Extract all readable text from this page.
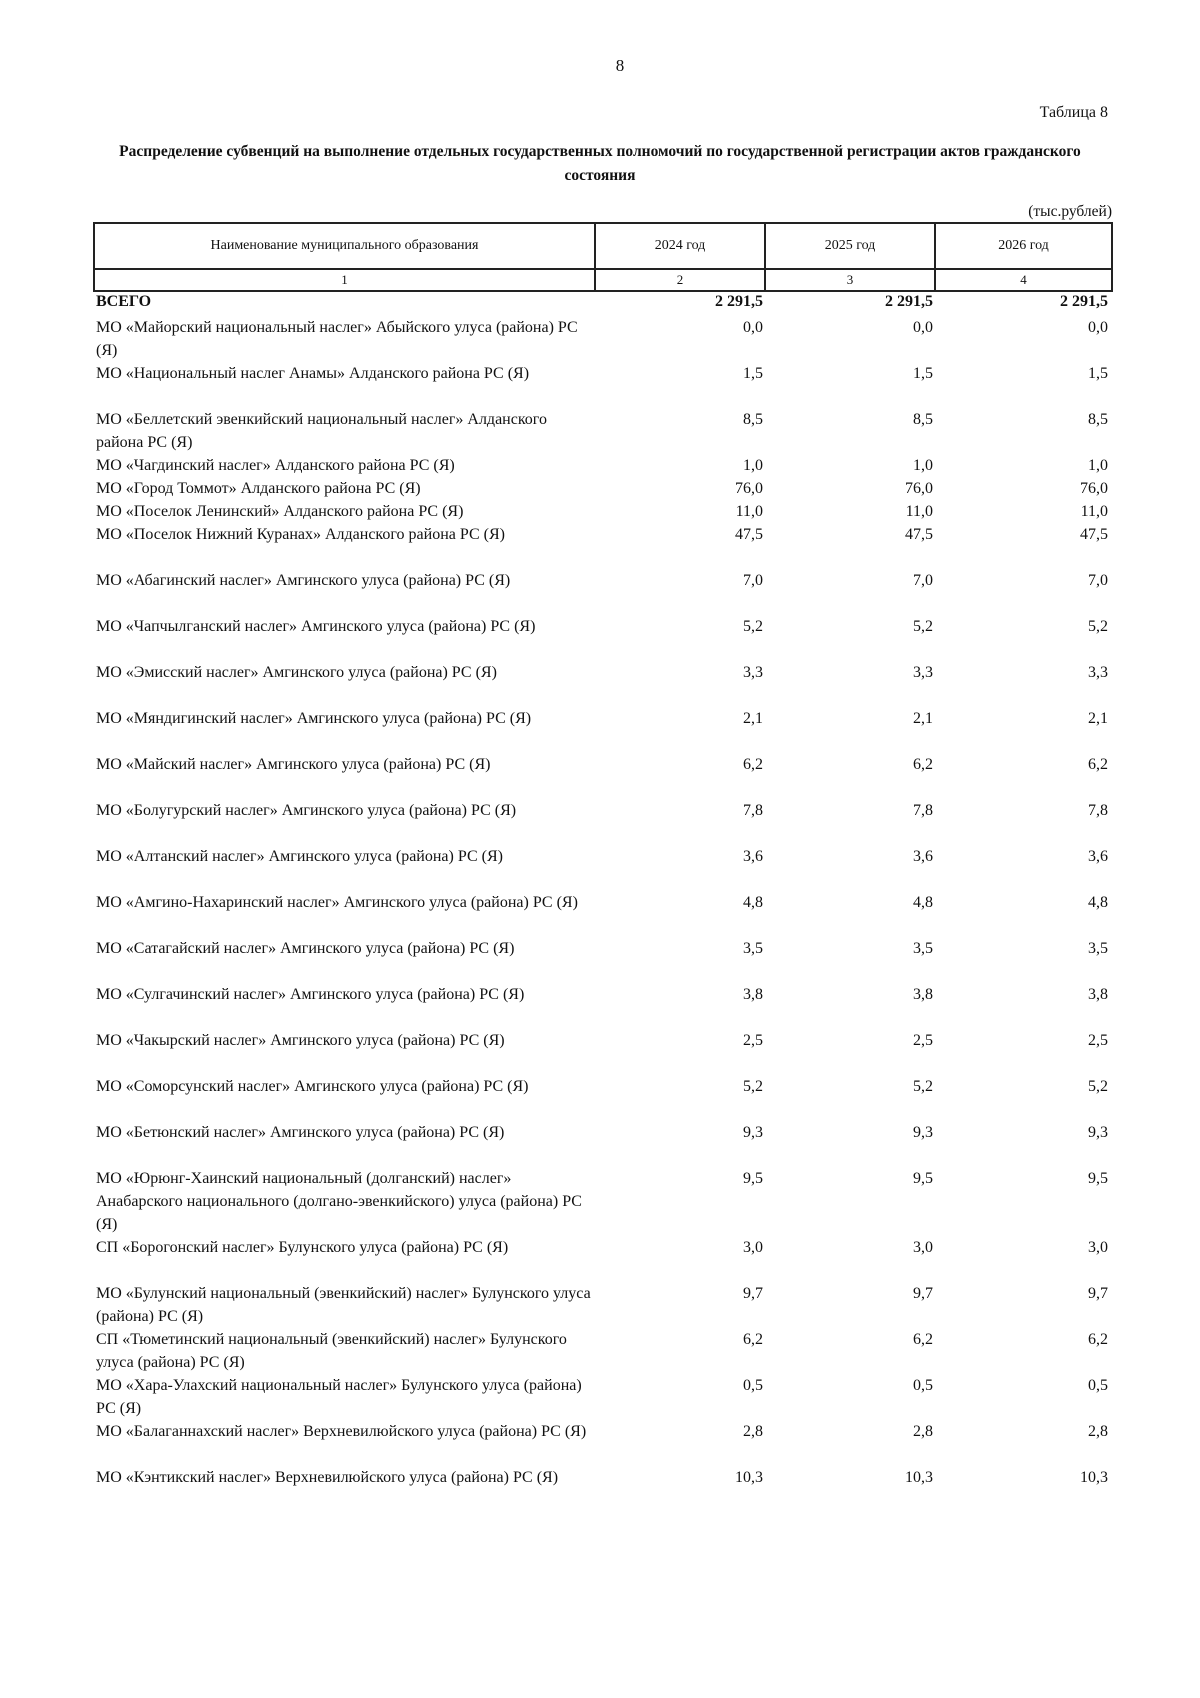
8
Таблица 8
Распределение субвенций на выполнение отдельных государственных полномочий по государственной регистрации актов гражданского состояния
(тыс.рублей)
Наименование муниципального образования	2024 год	2025 год	2026 год
1	2	3	4
ВСЕГО	2 291,5	2 291,5	2 291,5
МО «Майорский национальный наслег» Абыйского улуса (района) РС (Я)	0,0	0,0	0,0
МО «Национальный наслег Анамы» Алданского района РС (Я)	1,5	1,5	1,5
МО «Беллетский эвенкийский национальный наслег» Алданского района РС (Я)	8,5	8,5	8,5
МО «Чагдинский наслег» Алданского района РС (Я)	1,0	1,0	1,0
МО «Город Томмот» Алданского района РС (Я)	76,0	76,0	76,0
МО «Поселок Ленинский» Алданского района РС (Я)	11,0	11,0	11,0
МО «Поселок Нижний Куранах» Алданского района РС (Я)	47,5	47,5	47,5
МО «Абагинский наслег» Амгинского улуса (района) РС (Я)	7,0	7,0	7,0
МО «Чапчылганский наслег» Амгинского улуса (района) РС (Я)	5,2	5,2	5,2
МО «Эмисский наслег» Амгинского улуса (района) РС (Я)	3,3	3,3	3,3
МО «Мяндигинский наслег» Амгинского улуса (района) РС (Я)	2,1	2,1	2,1
МО «Майский наслег» Амгинского улуса (района) РС (Я)	6,2	6,2	6,2
МО «Болугурский наслег» Амгинского улуса (района) РС (Я)	7,8	7,8	7,8
МО «Алтанский наслег» Амгинского улуса (района) РС (Я)	3,6	3,6	3,6
МО «Амгино-Нахаринский наслег» Амгинского улуса (района) РС (Я)	4,8	4,8	4,8
МО «Сатагайский наслег» Амгинского улуса (района) РС (Я)	3,5	3,5	3,5
МО «Сулгачинский наслег» Амгинского улуса (района) РС (Я)	3,8	3,8	3,8
МО «Чакырский наслег» Амгинского улуса (района) РС (Я)	2,5	2,5	2,5
МО «Соморсунский наслег» Амгинского улуса (района) РС (Я)	5,2	5,2	5,2
МО «Бетюнский наслег» Амгинского улуса (района) РС (Я)	9,3	9,3	9,3
МО «Юрюнг-Хаинский национальный (долганский) наслег» Анабарского национального (долгано-эвенкийского) улуса (района) РС (Я)	9,5	9,5	9,5
СП «Борогонский наслег» Булунского улуса (района) РС (Я)	3,0	3,0	3,0
МО «Булунский национальный (эвенкийский) наслег» Булунского улуса (района) РС (Я)	9,7	9,7	9,7
СП «Тюметинский национальный (эвенкийский) наслег» Булунского улуса (района) РС (Я)	6,2	6,2	6,2
МО «Хара-Улахский национальный наслег» Булунского улуса (района) РС (Я)	0,5	0,5	0,5
МО «Балаганнахский наслег» Верхневилюйского улуса (района) РС (Я)	2,8	2,8	2,8
МО «Кэнтикский наслег» Верхневилюйского улуса (района) РС (Я)	10,3	10,3	10,3
